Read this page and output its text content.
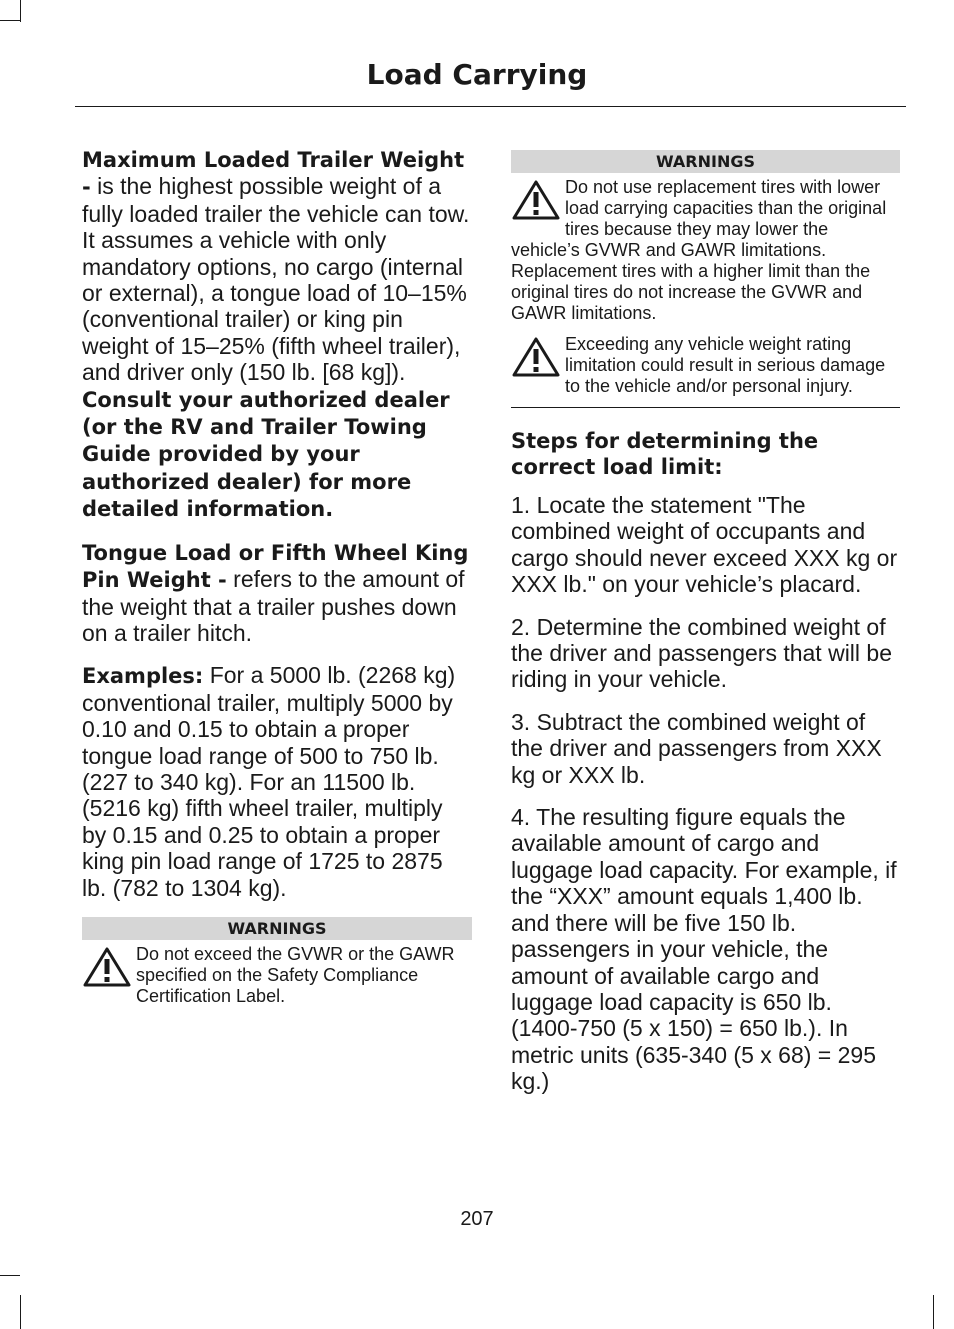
Load Carrying

Maximum Loaded Trailer Weight - is the highest possible weight of a fully loaded trailer the vehicle can tow. It assumes a vehicle with only mandatory options, no cargo (internal or external), a tongue load of 10–15% (conventional trailer) or king pin weight of 15–25% (fifth wheel trailer), and driver only (150 lb. [68 kg]). Consult your authorized dealer (or the RV and Trailer Towing Guide provided by your authorized dealer) for more detailed information.

Tongue Load or Fifth Wheel King Pin Weight - refers to the amount of the weight that a trailer pushes down on a trailer hitch.

Examples: For a 5000 lb. (2268 kg) conventional trailer, multiply 5000 by 0.10 and 0.15 to obtain a proper tongue load range of 500 to 750 lb. (227 to 340 kg). For an 11500 lb. (5216 kg) fifth wheel trailer, multiply by 0.15 and 0.25 to obtain a proper king pin load range of 1725 to 2875 lb. (782 to 1304 kg).

WARNINGS
Do not exceed the GVWR or the GAWR specified on the Safety Compliance Certification Label.
WARNINGS
Do not use replacement tires with lower load carrying capacities than the original tires because they may lower the vehicle’s GVWR and GAWR limitations. Replacement tires with a higher limit than the original tires do not increase the GVWR and GAWR limitations.
Exceeding any vehicle weight rating limitation could result in serious damage to the vehicle and/or personal injury.
Steps for determining the correct load limit:

1. Locate the statement "The combined weight of occupants and cargo should never exceed XXX kg or XXX lb." on your vehicle’s placard.

2. Determine the combined weight of the driver and passengers that will be riding in your vehicle.

3. Subtract the combined weight of the driver and passengers from XXX kg or XXX lb.

4. The resulting figure equals the available amount of cargo and luggage load capacity. For example, if the “XXX” amount equals 1,400 lb. and there will be five 150 lb. passengers in your vehicle, the amount of available cargo and luggage load capacity is 650 lb. (1400-750 (5 x 150) = 650 lb.). In metric units (635-340 (5 x 68) = 295 kg.)

207
